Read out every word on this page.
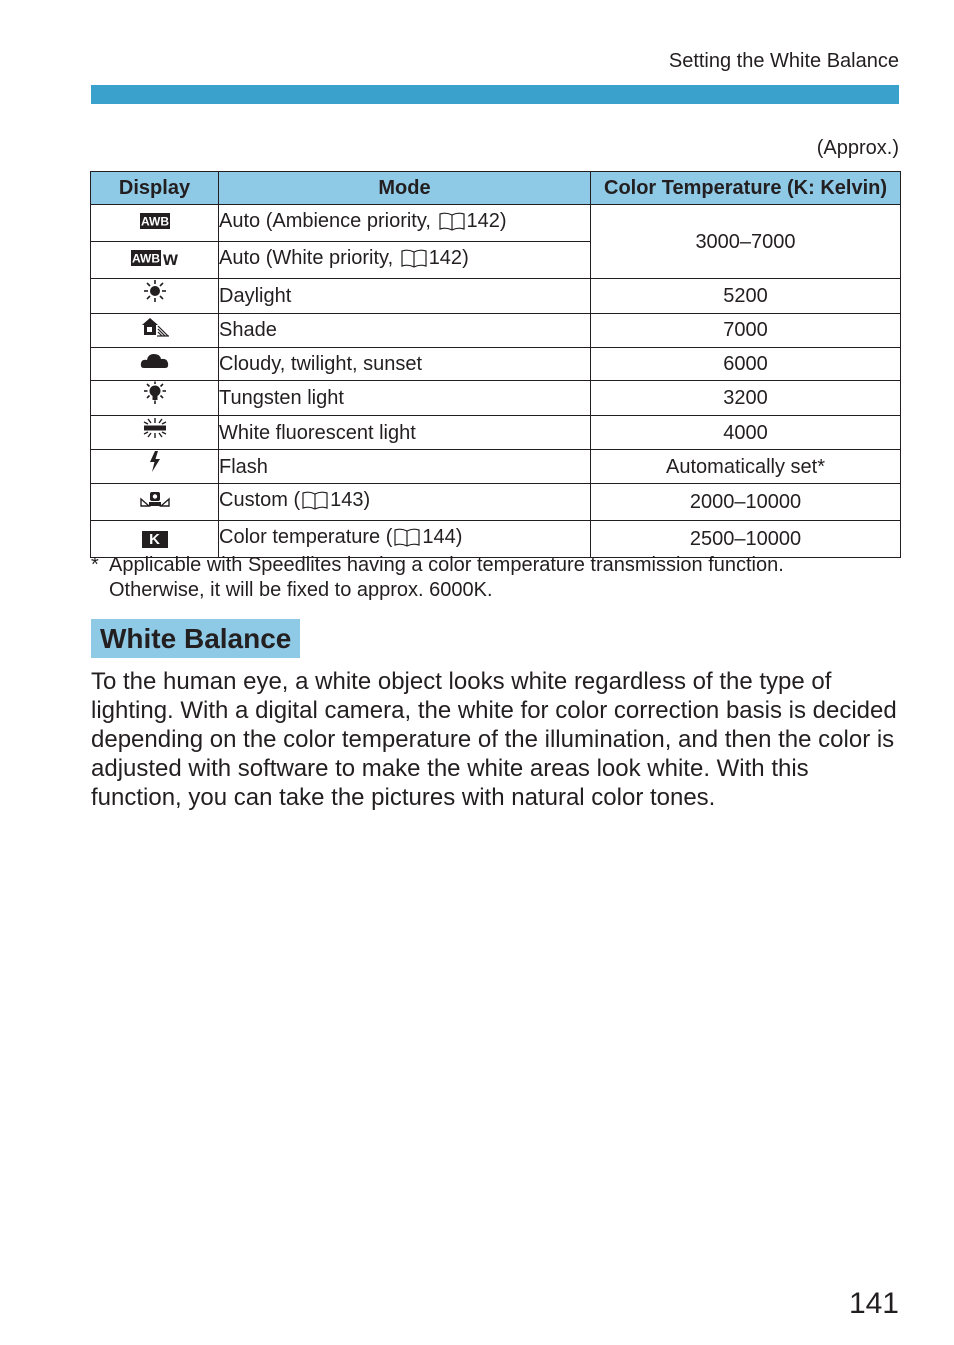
Setting the White Balance
(Approx.)
Display	Mode	Color Temperature (K: Kelvin)

AWB	Auto (Ambience priority, 142)	3000–7000

AWB w	Auto (White priority, 142)	
	Daylight	5200
	Shade	7000
	Cloudy, twilight, sunset	6000
	Tungsten light	3200
	White fluorescent light	4000
	Flash	Automatically set*
	Custom ( 143)	2000–10000
K	Color temperature ( 144)	2500–10000
* Applicable with Speedlites having a color temperature transmission function.
Otherwise, it will be fixed to approx. 6000K.
White Balance
To the human eye, a white object looks white regardless of the type of lighting. With a digital camera, the white for color correction basis is decided depending on the color temperature of the illumination, and then the color is adjusted with software to make the white areas look white. With this function, you can take the pictures with natural color tones.
141
